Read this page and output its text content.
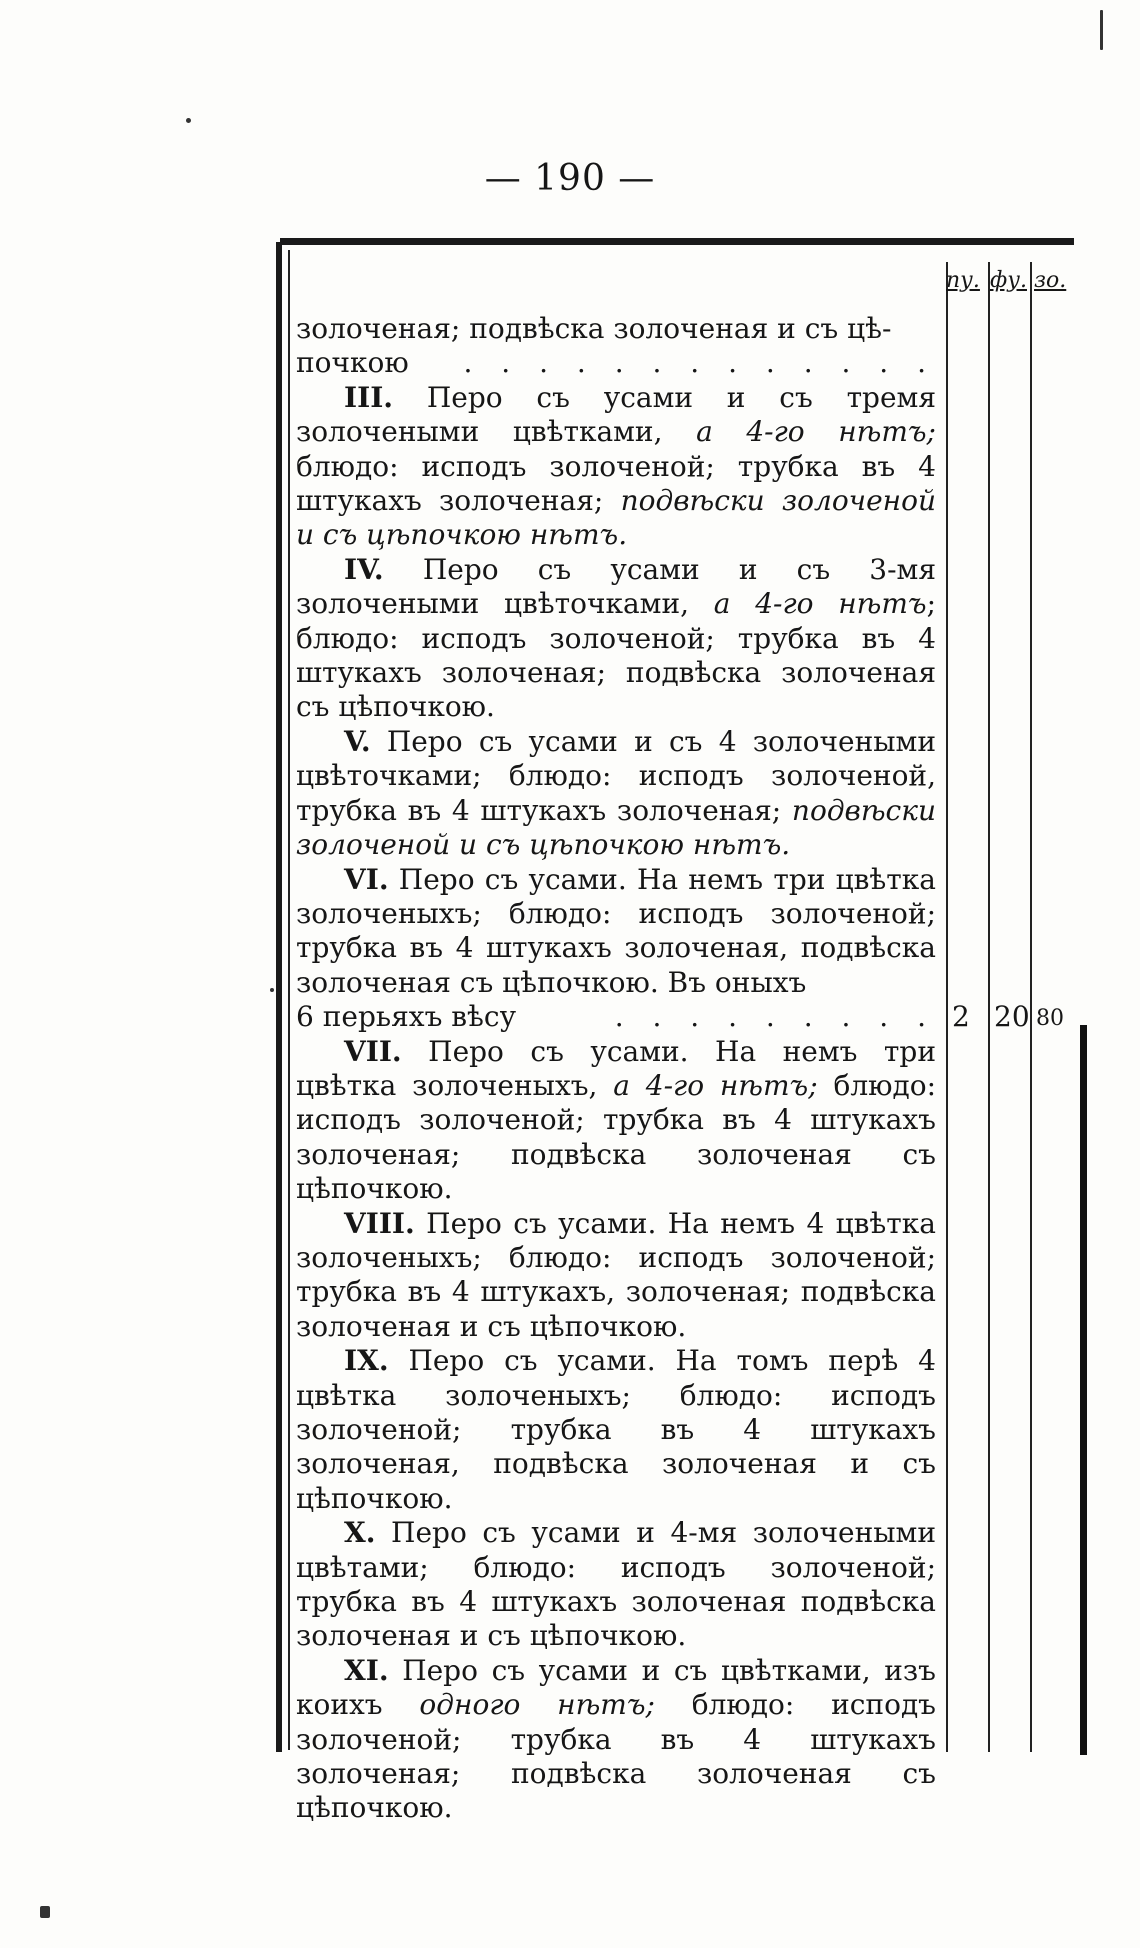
— 190 —
пу. фу. зо.

золоченая; подвѣска золоченая и съ цѣ-

почкою . . . . . . . . . . . . .

III. Перо съ усами и съ тремя золочеными цвѣтками, а 4-го нѣтъ; блюдо: исподъ золоченой; трубка въ 4 штукахъ золоченая; подвѣски золоченой и съ цѣпочкою нѣтъ.

IV. Перо съ усами и съ 3-мя золочеными цвѣточками, а 4-го нѣтъ; блюдо: исподъ золоченой; трубка въ 4 штукахъ золоченая; подвѣска золоченая съ цѣпочкою.

V. Перо съ усами и съ 4 золочеными цвѣточками; блюдо: исподъ золоченой, трубка въ 4 штукахъ золоченая; подвѣски золоченой и съ цѣпочкою нѣтъ.

VI. Перо съ усами. На немъ три цвѣтка золоченыхъ; блюдо: исподъ золоченой; трубка въ 4 штукахъ золоченая, подвѣска золоченая съ цѣпочкою. Въ оныхъ

6 перьяхъ вѣсу	. . . . . . . . .

VII. Перо съ усами. На немъ три цвѣтка золоченыхъ, а 4-го нѣтъ; блюдо: исподъ золоченой; трубка въ 4 штукахъ золоченая; подвѣска золоченая съ цѣпочкою.

VIII. Перо съ усами. На немъ 4 цвѣтка золоченыхъ; блюдо: исподъ золоченой; трубка въ 4 штукахъ, золоченая; подвѣска золоченая и съ цѣпочкою.

IX. Перо съ усами. На томъ перѣ 4 цвѣтка золоченыхъ; блюдо: исподъ золоченой; трубка въ 4 штукахъ золоченая, подвѣска золоченая и съ цѣпочкою.

X. Перо съ усами и 4-мя золочеными цвѣтами; блюдо: исподъ золоченой; трубка въ 4 штукахъ золоченая подвѣска золоченая и съ цѣпочкою.

XI. Перо съ усами и съ цвѣтками, изъ коихъ одного нѣтъ; блюдо: исподъ золоченой; трубка въ 4 штукахъ золоченая; подвѣска золоченая съ цѣпочкою.

2 20 80
